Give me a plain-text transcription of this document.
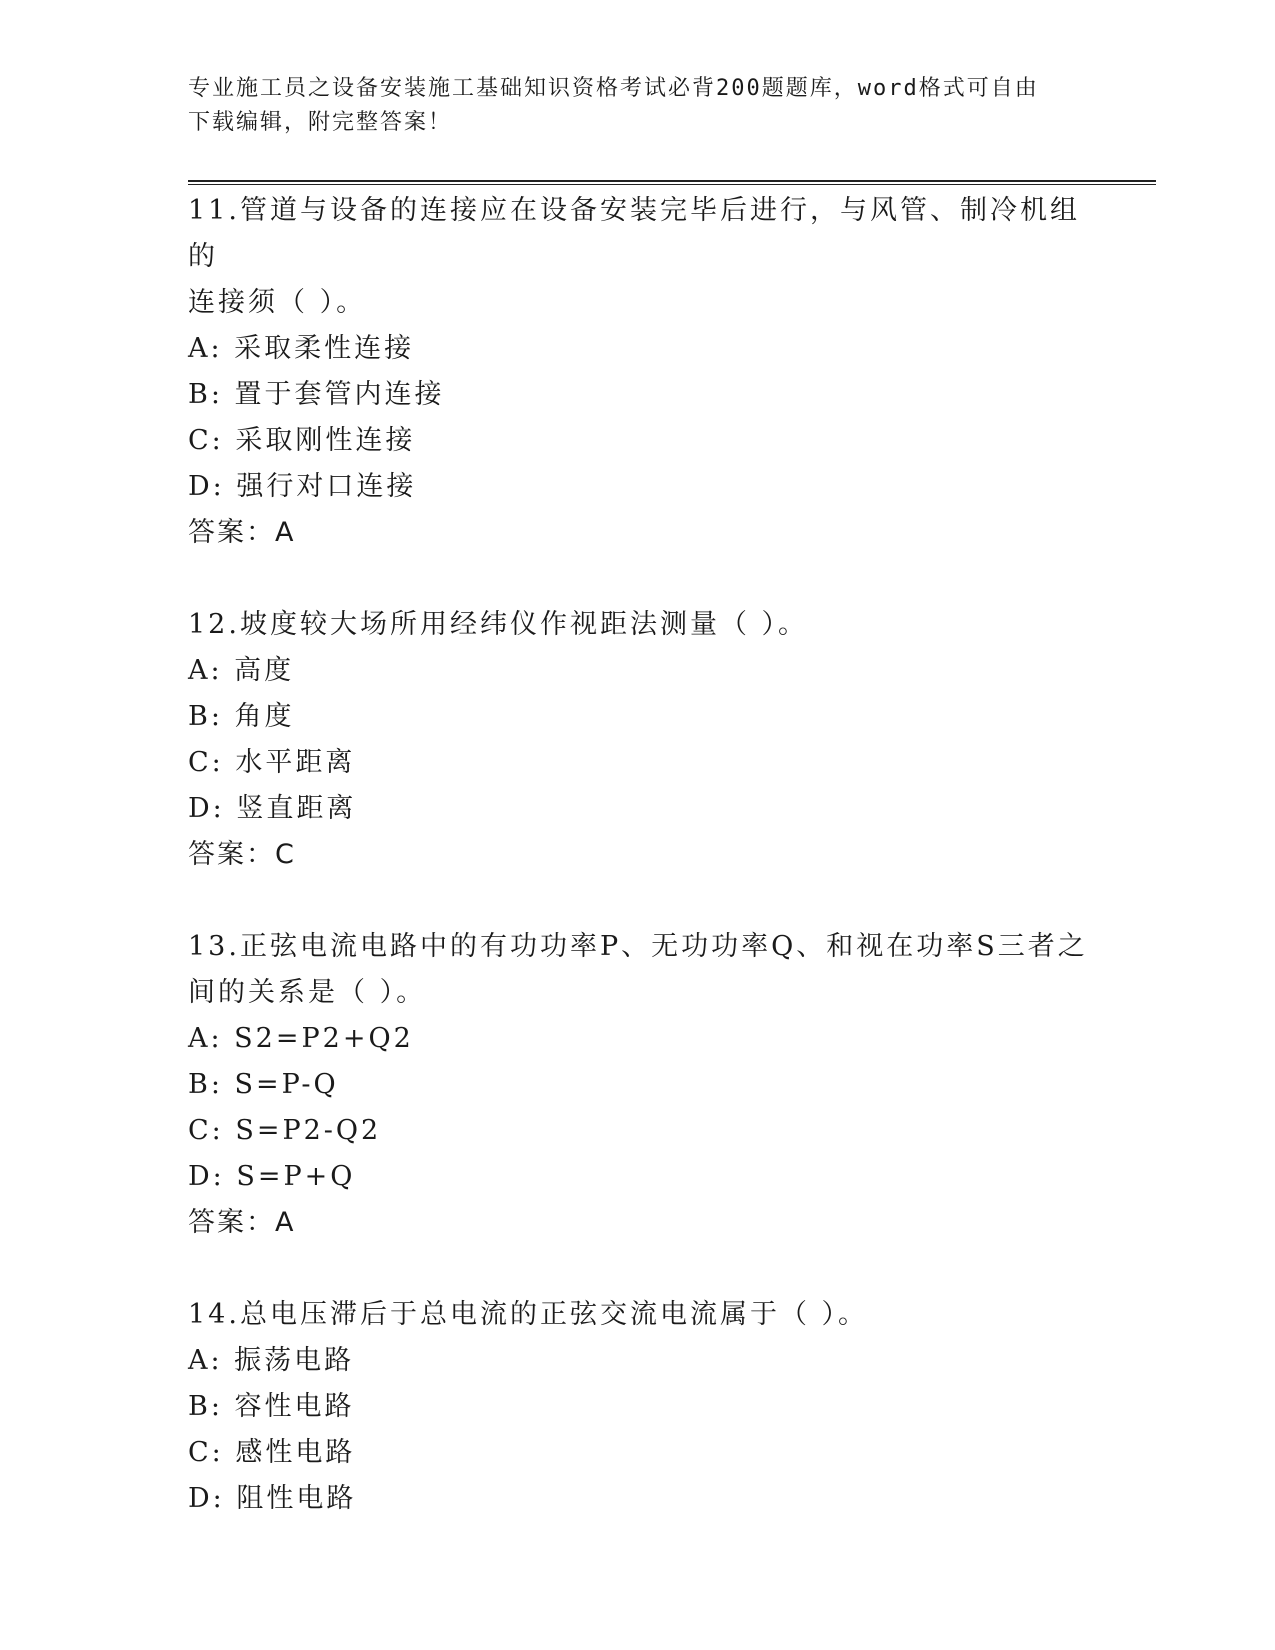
专业施工员之设备安装施工基础知识资格考试必背200题题库，word格式可自由
下载编辑，附完整答案！

11.管道与设备的连接应在设备安装完毕后进行，与风管、制冷机组的

连接须（ ）。

A: 采取柔性连接

B: 置于套管内连接

C: 采取刚性连接

D: 强行对口连接

答案：A

12.坡度较大场所用经纬仪作视距法测量（ ）。

A: 高度

B: 角度

C: 水平距离

D: 竖直距离

答案：C

13.正弦电流电路中的有功功率P、无功功率Q、和视在功率S三者之

间的关系是（ ）。

A: S2=P2+Q2

B: S=P-Q

C: S=P2-Q2

D: S=P+Q

答案：A

14.总电压滞后于总电流的正弦交流电流属于（ ）。

A: 振荡电路

B: 容性电路

C: 感性电路

D: 阻性电路
